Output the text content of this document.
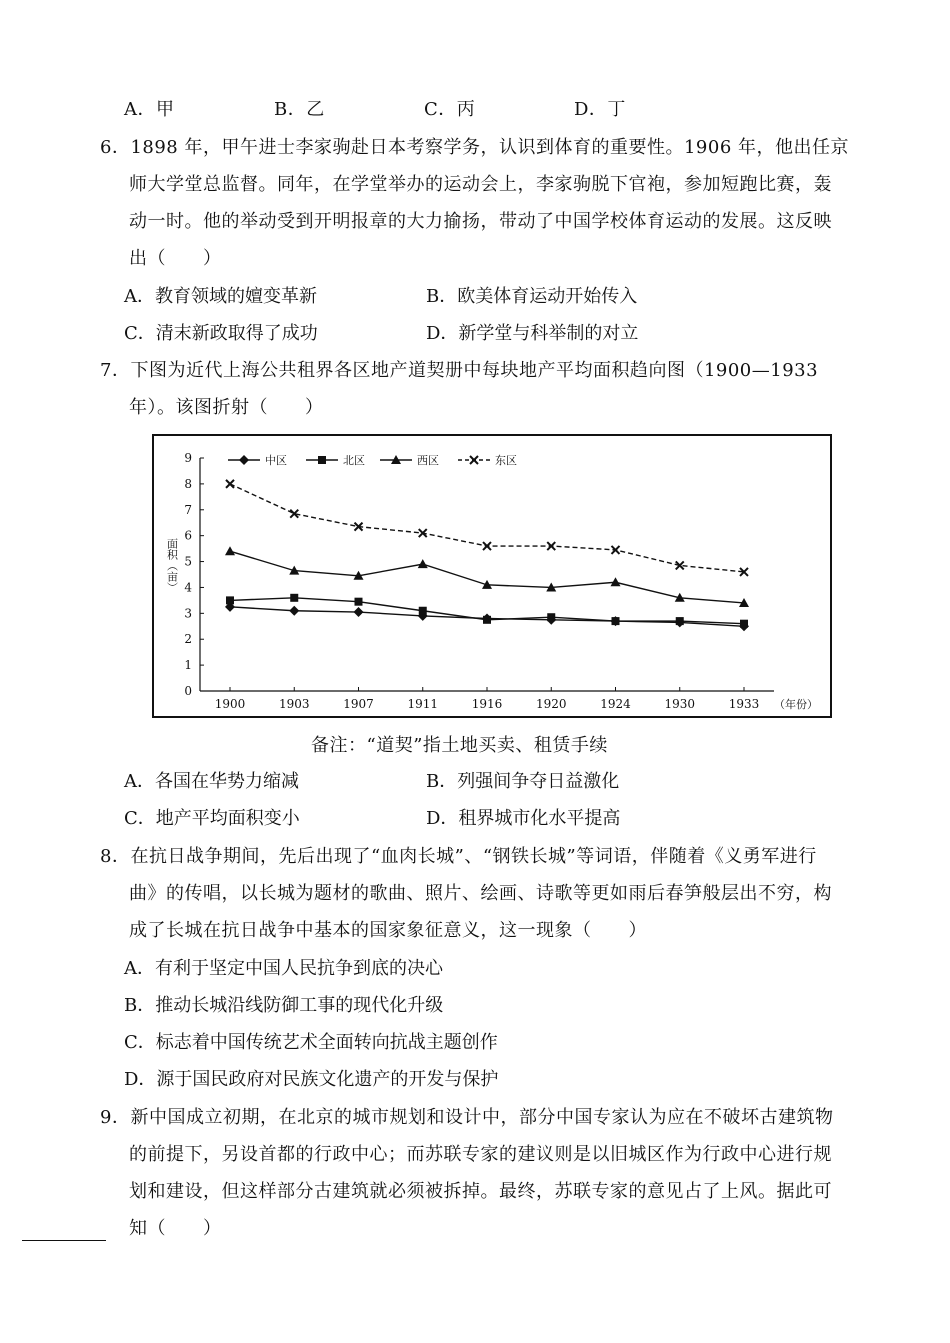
A．甲	B．乙	C．丙	D．丁
6．1898 年，甲午进士李家驹赴日本考察学务，认识到体育的重要性。1906 年，他出任京
师大学堂总监督。同年，在学堂举办的运动会上，李家驹脱下官袍，参加短跑比赛，轰
动一时。他的举动受到开明报章的大力揄扬，带动了中国学校体育运动的发展。这反映
出（　　）
A．教育领域的嬗变革新	B．欧美体育运动开始传入
C．清末新政取得了成功	D．新学堂与科举制的对立
7．下图为近代上海公共租界各区地产道契册中每块地产平均面积趋向图（1900—1933
年）。该图折射（　　）
0
1
2
3
4
5
6
7
8
9
1900	1903	1907	1911	1916	1920	1924	1930	1933 （年份）
面积（亩）
中区	北区	西区	东区
备注：“道契”指土地买卖、租赁手续
A．各国在华势力缩减	B．列强间争夺日益激化
C．地产平均面积变小	D．租界城市化水平提高
8．在抗日战争期间，先后出现了“血肉长城”、“钢铁长城”等词语，伴随着《义勇军进行
曲》的传唱，以长城为题材的歌曲、照片、绘画、诗歌等更如雨后春笋般层出不穷，构
成了长城在抗日战争中基本的国家象征意义，这一现象（　　）
A．有利于坚定中国人民抗争到底的决心
B．推动长城沿线防御工事的现代化升级
C．标志着中国传统艺术全面转向抗战主题创作
D．源于国民政府对民族文化遗产的开发与保护
9．新中国成立初期，在北京的城市规划和设计中，部分中国专家认为应在不破坏古建筑物
的前提下，另设首都的行政中心；而苏联专家的建议则是以旧城区作为行政中心进行规
划和建设，但这样部分古建筑就必须被拆掉。最终，苏联专家的意见占了上风。据此可
知（　　）
